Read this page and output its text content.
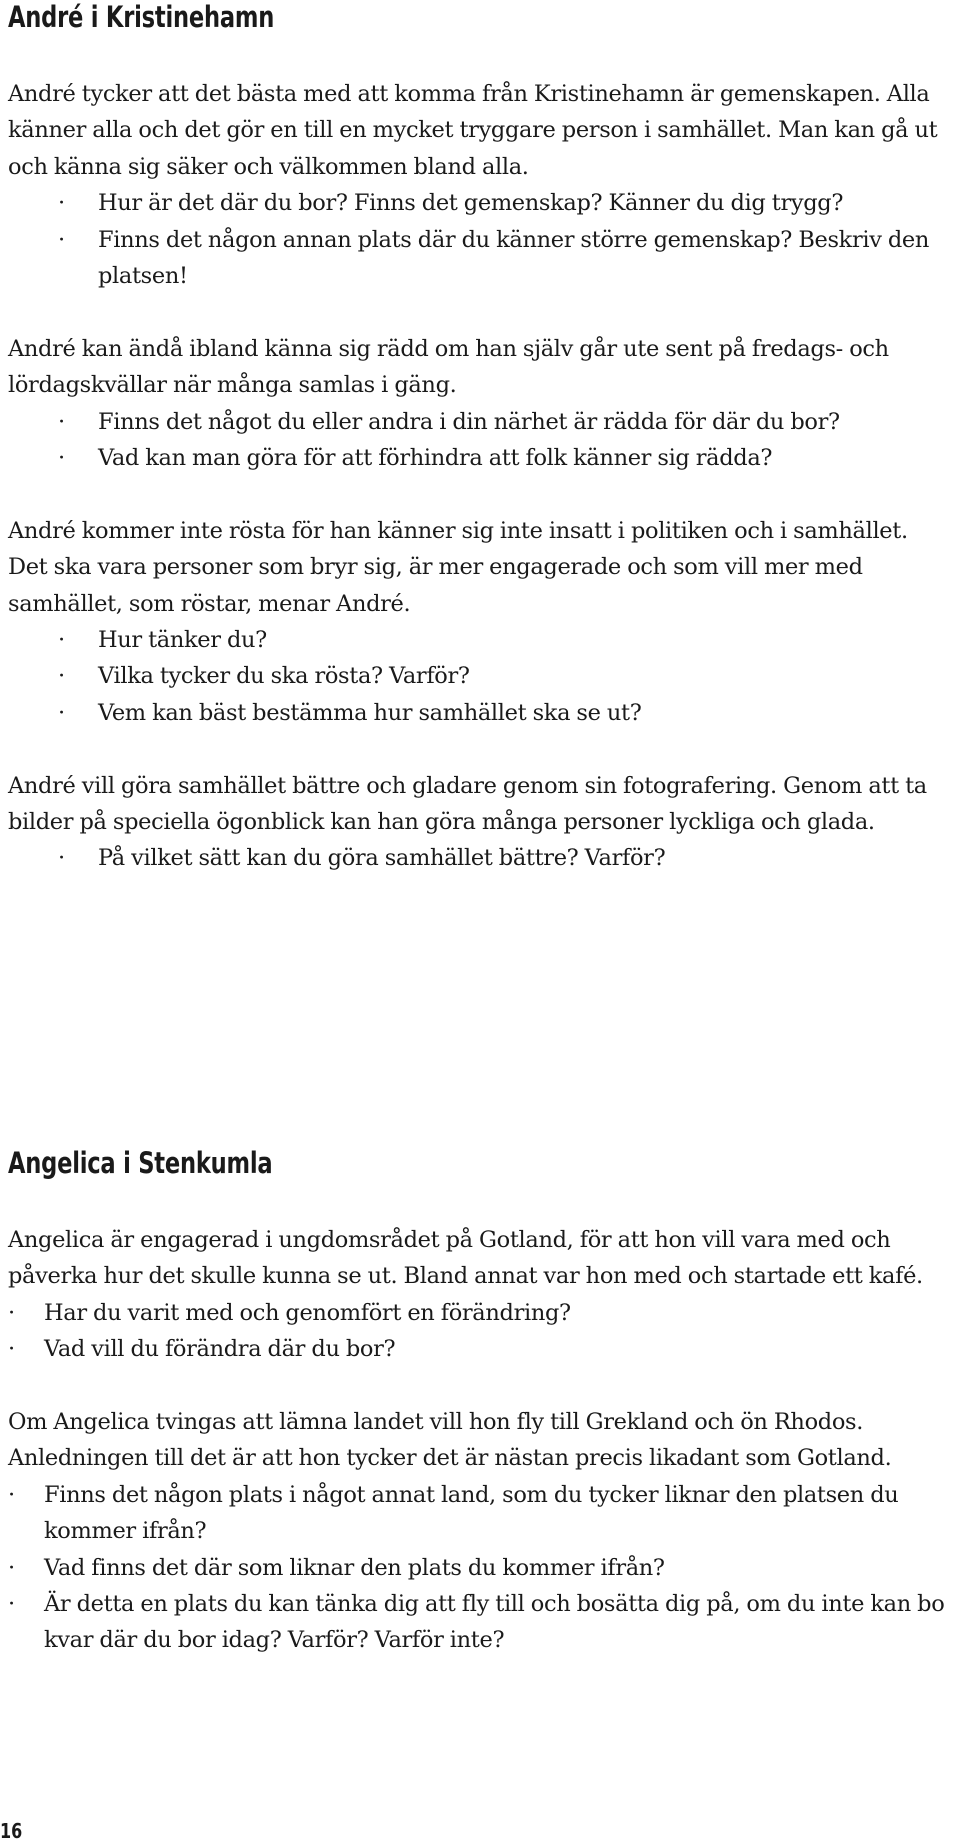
André i Kristinehamn

André tycker att det bästa med att komma från Kristinehamn är gemenskapen. Alla känner alla och det gör en till en mycket tryggare person i samhället. Man kan gå ut och känna sig säker och välkommen bland alla.

· Hur är det där du bor? Finns det gemenskap? Känner du dig trygg?
· Finns det någon annan plats där du känner större gemenskap? Beskriv den platsen!

André kan ändå ibland känna sig rädd om han själv går ute sent på fredags- och lördagskvällar när många samlas i gäng.

· Finns det något du eller andra i din närhet är rädda för där du bor?
· Vad kan man göra för att förhindra att folk känner sig rädda?

André kommer inte rösta för han känner sig inte insatt i politiken och i samhället. Det ska vara personer som bryr sig, är mer engagerade och som vill mer med samhället, som röstar, menar André.

· Hur tänker du?
· Vilka tycker du ska rösta? Varför?
· Vem kan bäst bestämma hur samhället ska se ut?

André vill göra samhället bättre och gladare genom sin fotografering. Genom att ta bilder på speciella ögonblick kan han göra många personer lyckliga och glada.

· På vilket sätt kan du göra samhället bättre? Varför?
Angelica i Stenkumla

Angelica är engagerad i ungdomsrådet på Gotland, för att hon vill vara med och påverka hur det skulle kunna se ut. Bland annat var hon med och startade ett kafé.

· Har du varit med och genomfört en förändring?
· Vad vill du förändra där du bor?

Om Angelica tvingas att lämna landet vill hon fly till Grekland och ön Rhodos. Anledningen till det är att hon tycker det är nästan precis likadant som Gotland.

· Finns det någon plats i något annat land, som du tycker liknar den platsen du kommer ifrån?
· Vad finns det där som liknar den plats du kommer ifrån?
· Är detta en plats du kan tänka dig att fly till och bosätta dig på, om du inte kan bo kvar där du bor idag? Varför? Varför inte?
16
